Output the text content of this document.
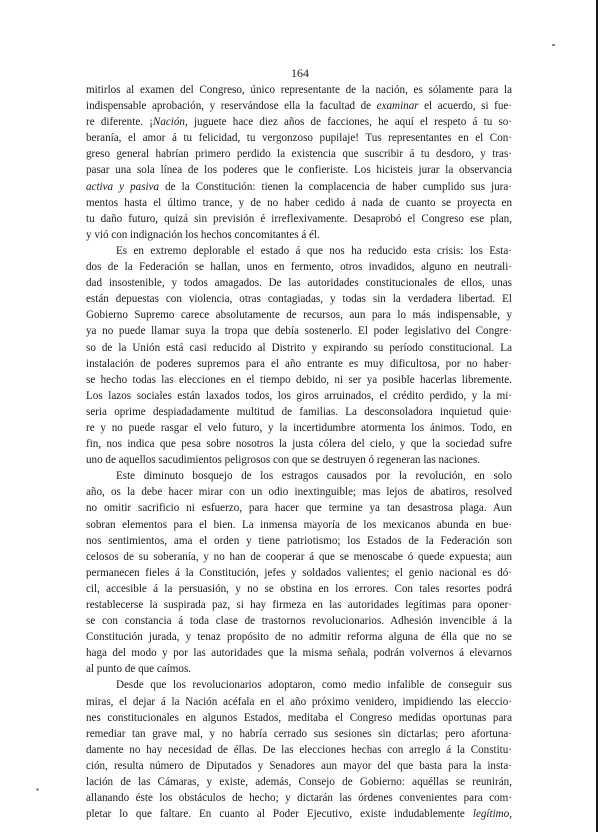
164
mitirlos al examen del Congreso, único representante de la nación, es sólamente para la
indispensable aprobación, y reservándose ella la facultad de examinar el acuerdo, si fue·
re diferente. ¡Nación, juguete hace diez años de facciones, he aquí el respeto á tu so·
beranía, el amor á tu felicidad, tu vergonzoso pupilaje! Tus representantes en el Con·
greso general habrían primero perdido la existencia que suscribir á tu desdoro, y tras·
pasar una sola línea de los poderes que le confieriste. Los hicisteis jurar la observancia
activa y pasiva de la Constitución: tienen la complacencia de haber cumplido sus jura·
mentos hasta el último trance, y de no haber cedido á nada de cuanto se proyecta en
tu daño futuro, quizá sin previsión é irreflexivamente. Desaprobó el Congreso ese plan,
y vió con indignación los hechos concomitantes á él.
Es en extremo deplorable el estado á que nos ha reducido esta crisis: los Esta·
dos de la Federación se hallan, unos en fermento, otros invadidos, alguno en neutrali·
dad insostenible, y todos amagados. De las autoridades constitucionales de ellos, unas
están depuestas con violencia, otras contagiadas, y todas sin la verdadera libertad. El
Gobierno Supremo carece absolutamente de recursos, aun para lo más indispensable, y
ya no puede llamar suya la tropa que debía sostenerlo. El poder legislativo del Congre·
so de la Unión está casi reducido al Distrito y expirando su período constitucional. La
instalación de poderes supremos para el año entrante es muy dificultosa, por no haber·
se hecho todas las elecciones en el tiempo debido, ni ser ya posible hacerlas libremente.
Los lazos sociales están laxados todos, los giros arruinados, el crédito perdido, y la mi·
seria oprime despiadadamente multitud de familias. La desconsoladora inquietud quie·
re y no puede rasgar el velo futuro, y la incertidumbre atormenta los ánimos. Todo, en
fin, nos indica que pesa sobre nosotros la justa cólera del cielo, y que la sociedad sufre
uno de aquellos sacudimientos peligrosos con que se destruyen ó regeneran las naciones.
Este diminuto bosquejo de los estragos causados por la revolución, en solo
año, os la debe hacer mirar con un odio inextinguible; mas lejos de abatiros, resolved
no omitir sacrificio ni esfuerzo, para hacer que termine ya tan desastrosa plaga. Aun
sobran elementos para el bien. La inmensa mayoría de los mexicanos abunda en bue·
nos sentimientos, ama el orden y tiene patriotismo; los Estados de la Federación son
celosos de su soberanía, y no han de cooperar á que se menoscabe ó quede expuesta; aun
permanecen fieles á la Constitución, jefes y soldados valientes; el genio nacional es dó·
cil, accesible á la persuasión, y no se obstina en los errores. Con tales resortes podrá
restablecerse la suspirada paz, si hay firmeza en las autoridades legítimas para oponer·
se con constancia á toda clase de trastornos revolucionarios. Adhesión invencible á la
Constitución jurada, y tenaz propósito de no admitir reforma alguna de élla que no se
haga del modo y por las autoridades que la misma señala, podrán volvernos á elevarnos
al punto de que caímos.
Desde que los revolucionarios adoptaron, como medio infalible de conseguir sus
miras, el dejar á la Nación acéfala en el año próximo venidero, impidiendo las eleccio·
nes constitucionales en algunos Estados, meditaba el Congreso medidas oportunas para
remediar tan grave mal, y no habría cerrado sus sesiones sin dictarlas; pero afortuna·
damente no hay necesidad de éllas. De las elecciones hechas con arreglo á la Constitu·
ción, resulta número de Diputados y Senadores aun mayor del que basta para la insta·
lación de las Cámaras, y existe, además, Consejo de Gobierno: aquéllas se reunirán,
allanando éste los obstáculos de hecho; y dictarán las órdenes convenientes para com·
pletar lo que faltare. En cuanto al Poder Ejecutivo, existe indudablemente legítimo,
